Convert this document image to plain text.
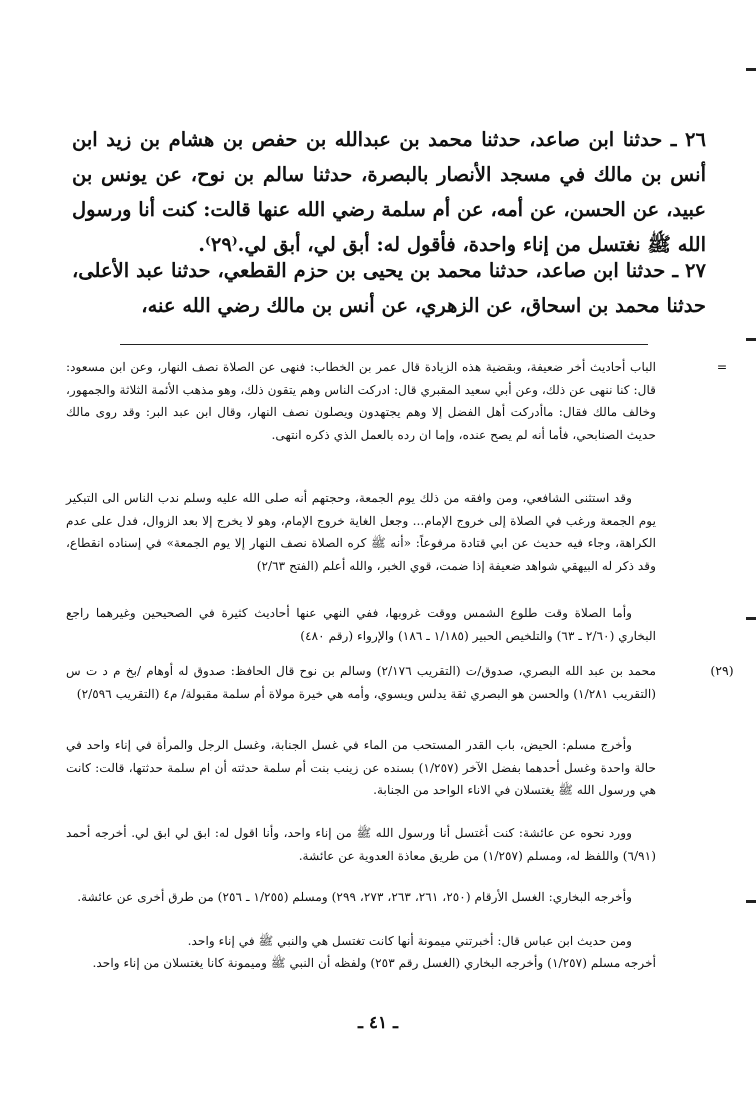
٢٦ ـ حدثنا ابن صاعد، حدثنا محمد بن عبدالله بن حفص بن هشام بن زيد ابن أنس بن مالك في مسجد الأنصار بالبصرة، حدثنا سالم بن نوح، عن يونس بن عبيد، عن الحسن، عن أمه، عن أم سلمة رضي الله عنها قالت: كنت أنا ورسول الله ﷺ نغتسل من إناء واحدة، فأقول له: أبق لي، أبق لي.⁽٢٩⁾.
٢٧ ـ حدثنا ابن صاعد، حدثنا محمد بن يحيى بن حزم القطعي، حدثنا عبد الأعلى، حدثنا محمد بن اسحاق، عن الزهري، عن أنس بن مالك رضي الله عنه،
=
الباب أحاديث أخر ضعيفة، وبقضية هذه الزيادة قال عمر بن الخطاب: فنهى عن الصلاة نصف النهار، وعن ابن مسعود: قال: كنا ننهى عن ذلك، وعن أبي سعيد المقبري قال: ادركت الناس وهم يتقون ذلك، وهو مذهب الأئمة الثلاثة والجمهور، وخالف مالك فقال: ماأدركت أهل الفضل إلا وهم يجتهدون ويصلون نصف النهار، وقال ابن عبد البر: وقد روى مالك حديث الصنابحي، فأما أنه لم يصح عنده، وإما ان رده بالعمل الذي ذكره انتهى.
وقد استثنى الشافعي، ومن وافقه من ذلك يوم الجمعة، وحجتهم أنه صلى الله عليه وسلم ندب الناس الى التبكير يوم الجمعة ورغب في الصلاة إلى خروج الإمام... وجعل الغاية خروج الإمام، وهو لا يخرج إلا بعد الزوال، فدل على عدم الكراهة، وجاء فيه حديث عن ابي قتادة مرفوعاً: «أنه ﷺ كره الصلاة نصف النهار إلا يوم الجمعة» في إسناده انقطاع، وقد ذكر له البيهقي شواهد ضعيفة إذا ضمت، قوي الخبر، والله أعلم (الفتح ٢/٦٣)
وأما الصلاة وقت طلوع الشمس ووقت غروبها، ففي النهي عنها أحاديث كثيرة في الصحيحين وغيرهما راجع البخاري (٢/٦٠ ـ ٦٣) والتلخيص الحبير (١/١٨٥ ـ ١٨٦) والإرواء (رقم ٤٨٠)
(٢٩)
محمد بن عبد الله البصري، صدوق/ت (التقريب ٢/١٧٦) وسالم بن نوح قال الحافظ: صدوق له أوهام /بخ م د ت س (التقريب ١/٢٨١) والحسن هو البصري ثقة يدلس ويسوي، وأمه هي خيرة مولاة أم سلمة مقبولة/ م٤ (التقريب ٢/٥٩٦)
وأخرج مسلم: الحيض، باب القدر المستحب من الماء في غسل الجنابة، وغسل الرجل والمرأة في إناء واحد في حالة واحدة وغسل أحدهما بفضل الآخر (١/٢٥٧) بسنده عن زينب بنت أم سلمة حدثته أن ام سلمة حدثتها، قالت: كانت هي ورسول الله ﷺ يغتسلان في الاناء الواحد من الجنابة.
وورد نحوه عن عائشة: كنت أغتسل أنا ورسول الله ﷺ من إناء واحد، وأنا اقول له: ابق لي ابق لي. أخرجه أحمد (٦/٩١) واللفظ له، ومسلم (١/٢٥٧) من طريق معاذة العدوية عن عائشة.
وأخرجه البخاري: الغسل الأرقام (٢٥٠، ٢٦١، ٢٦٣، ٢٧٣، ٢٩٩) ومسلم (١/٢٥٥ ـ ٢٥٦) من طرق أخرى عن عائشة.
ومن حديث ابن عباس قال: أخبرتني ميمونة أنها كانت تغتسل هي والنبي ﷺ في إناء واحد.
أخرجه مسلم (١/٢٥٧) وأخرجه البخاري (الغسل رقم ٢٥٣) ولفظه أن النبي ﷺ وميمونة كانا يغتسلان من إناء واحد.
ـ ٤١ ـ
